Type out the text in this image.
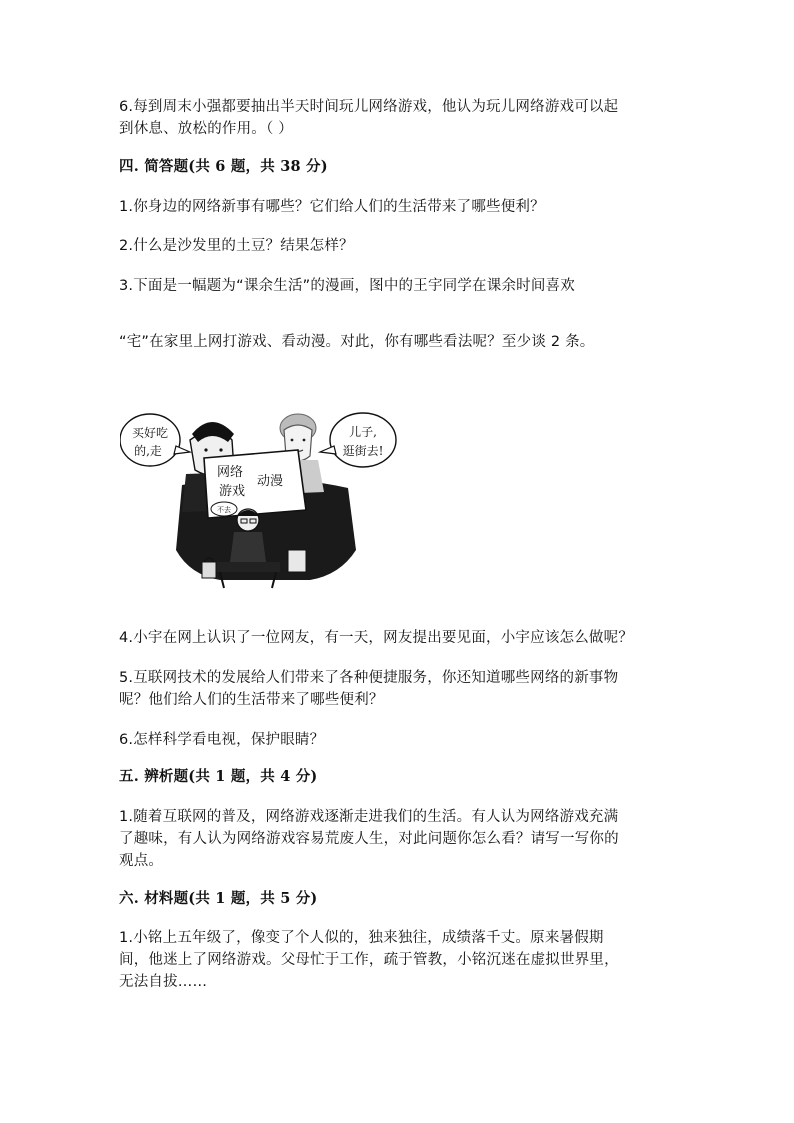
6.每到周末小强都要抽出半天时间玩儿网络游戏，他认为玩儿网络游戏可以起
到休息、放松的作用。（ ）
四. 简答题(共 6 题，共 38 分)
1.你身边的网络新事有哪些？它们给人们的生活带来了哪些便利？
2.什么是沙发里的土豆？结果怎样？
3.下面是一幅题为“课余生活”的漫画，图中的王宇同学在课余时间喜欢
“宅”在家里上网打游戏、看动漫。对此，你有哪些看法呢？至少谈 2 条。
买好吃
的,走
儿子,
逛街去!
网络
游戏
动漫
不去
4.小宇在网上认识了一位网友，有一天，网友提出要见面，小宇应该怎么做呢？
5.互联网技术的发展给人们带来了各种便捷服务，你还知道哪些网络的新事物
呢？他们给人们的生活带来了哪些便利？
6.怎样科学看电视，保护眼睛？
五. 辨析题(共 1 题，共 4 分)
1.随着互联网的普及，网络游戏逐渐走进我们的生活。有人认为网络游戏充满
了趣味，有人认为网络游戏容易荒废人生，对此问题你怎么看？请写一写你的
观点。
六. 材料题(共 1 题，共 5 分)
1.小铭上五年级了，像变了个人似的，独来独往，成绩落千丈。原来暑假期
间，他迷上了网络游戏。父母忙于工作，疏于管教，小铭沉迷在虚拟世界里，
无法自拔……
